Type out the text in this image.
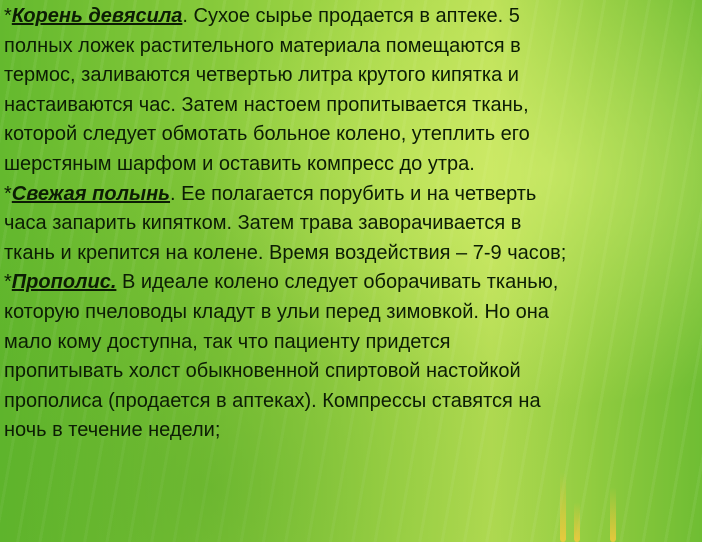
*Корень девясила. Сухое сырье продается в аптеке. 5
полных ложек растительного материала помещаются в
термос, заливаются четвертью литра крутого кипятка и
настаиваются час. Затем настоем пропитывается ткань,
которой следует обмотать больное колено, утеплить его
шерстяным шарфом и оставить компресс до утра.

*Свежая полынь. Ее полагается порубить и на четверть
часа запарить кипятком. Затем трава заворачивается в
ткань и крепится на колене. Время воздействия – 7-9 часов;

*Прополис. В идеале колено следует оборачивать тканью,
которую пчеловоды кладут в ульи перед зимовкой. Но она
мало кому доступна, так что пациенту придется
пропитывать холст обыкновенной спиртовой настойкой
прополиса (продается в аптеках). Компрессы ставятся на
ночь в течение недели;
